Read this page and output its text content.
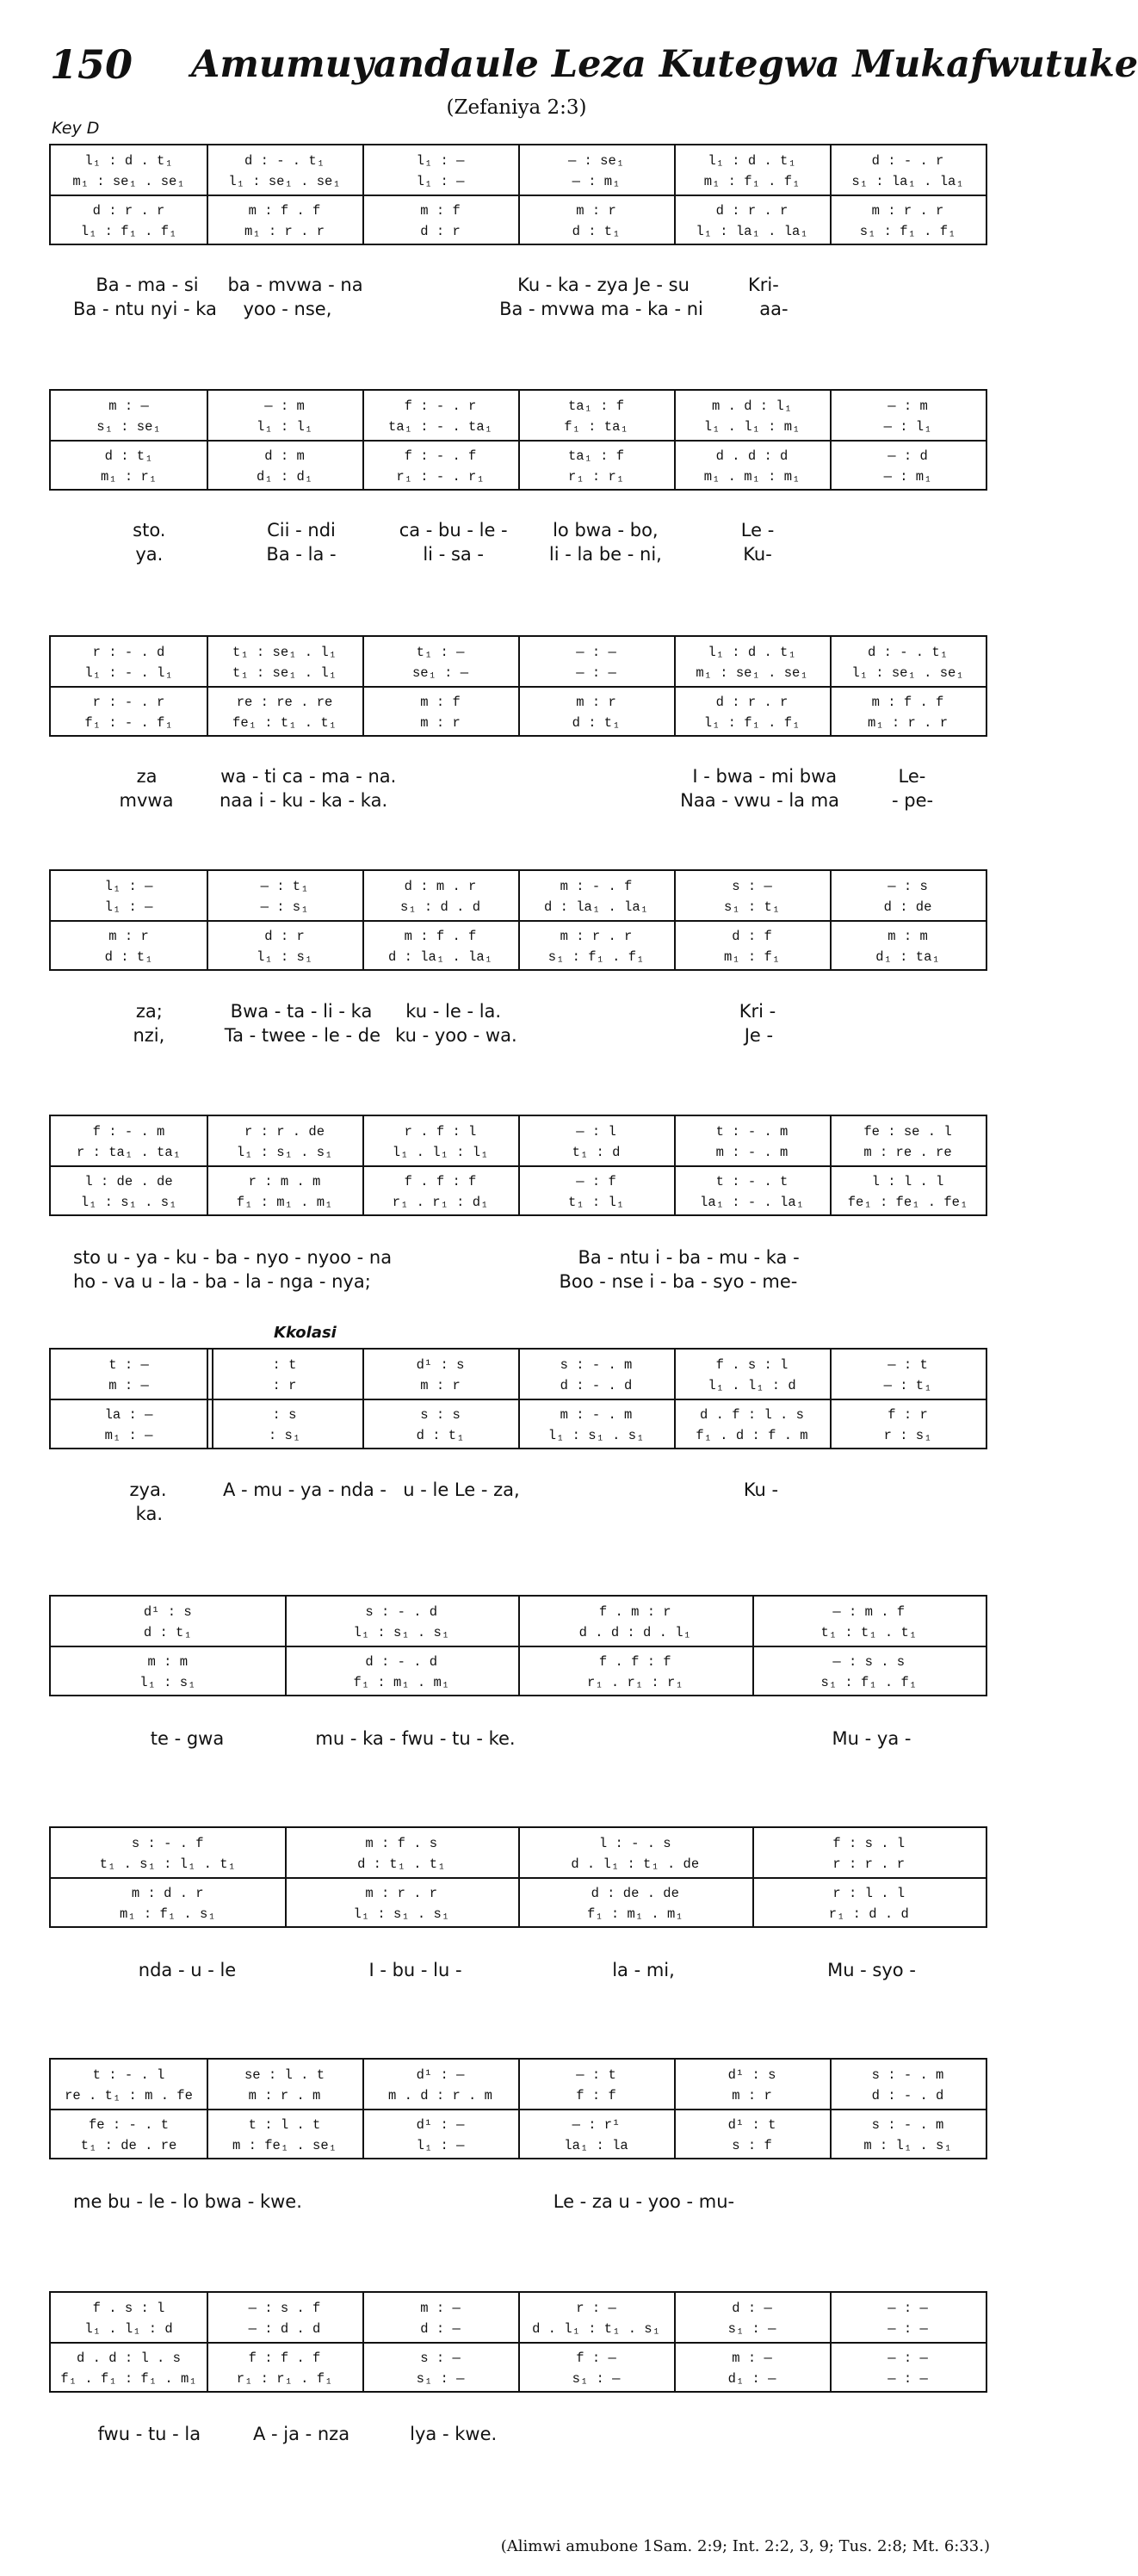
150 Amumuyandaule Leza Kutegwa Mukafwutuke
(Zefaniya 2:3)
Key D
Kkolasi
(Alimwi amubone 1Sam. 2:9; Int. 2:2, 3, 9; Tus. 2:8; Mt. 6:33.)
l₁ : d . t₁	d : - . t₁	l₁ : —	— : se₁	l₁ : d . t₁	d : - . r
m₁ : se₁ . se₁	l₁ : se₁ . se₁	l₁ : —	— : m₁	m₁ : f₁ . f₁	s₁ : la₁ . la₁
d : r . r	m : f . f	m : f	m : r	d : r . r	m : r . r
l₁ : f₁ . f₁	m₁ : r . r	d : r	d : t₁	l₁ : la₁ . la₁	s₁ : f₁ . f₁
Ba - ma - si	ba - mvwa - na	Ku - ka - zya Je - su	Kri-
Ba - ntu nyi - ka	yoo - nse,	Ba - mvwa ma - ka - ni	aa-
m : —	— : m	f : - . r	ta₁ : f	m . d : l₁	— : m
s₁ : se₁	l₁ : l₁	ta₁ : - . ta₁	f₁ : ta₁	l₁ . l₁ : m₁	— : l₁
d : t₁	d : m	f : - . f	ta₁ : f	d . d : d	— : d
m₁ : r₁	d₁ : d₁	r₁ : - . r₁	r₁ : r₁	m₁ . m₁ : m₁	— : m₁
sto.	Cii - ndi	ca - bu - le -	lo bwa - bo,	Le -
ya.	Ba - la -	li - sa -	li - la be - ni,	Ku-
r : - . d	t₁ : se₁ . l₁	t₁ : —	— : —	l₁ : d . t₁	d : - . t₁
l₁ : - . l₁	t₁ : se₁ . l₁	se₁ : —	— : —	m₁ : se₁ . se₁	l₁ : se₁ . se₁
r : - . r	re : re . re	m : f	m : r	d : r . r	m : f . f
f₁ : - . f₁	fe₁ : t₁ . t₁	m : r	d : t₁	l₁ : f₁ . f₁	m₁ : r . r
za	wa - ti ca - ma - na.	I - bwa - mi bwa	Le-
mvwa	naa i - ku - ka - ka.	Naa - vwu - la ma	- pe-
l₁ : —	— : t₁	d : m . r	m : - . f	s : —	— : s
l₁ : —	— : s₁	s₁ : d . d	d : la₁ . la₁	s₁ : t₁	d : de
m : r	d : r	m : f . f	m : r . r	d : f	m : m
d : t₁	l₁ : s₁	d : la₁ . la₁	s₁ : f₁ . f₁	m₁ : f₁	d₁ : ta₁
za;	Bwa - ta - li - ka	ku - le - la.	Kri -
nzi,	Ta - twee - le - de ku - yoo - wa.	Je -
f : - . m	r : r . de	r . f : l	— : l	t : - . m	fe : se . l
r : ta₁ . ta₁	l₁ : s₁ . s₁	l₁ . l₁ : l₁	t₁ : d	m : - . m	m : re . re
l : de . de	r : m . m	f . f : f	— : f	t : - . t	l : l . l
l₁ : s₁ . s₁	f₁ : m₁ . m₁	r₁ . r₁ : d₁	t₁ : l₁	la₁ : - . la₁	fe₁ : fe₁ . fe₁
sto u - ya - ku - ba - nyo - nyoo - na	Ba - ntu i - ba - mu - ka -
ho - va u - la - ba - la - nga - nya;	Boo - nse i - ba - syo - me-
t : —	: t	d¹ : s	s : - . m	f . s : l	— : t
m : —	: r	m : r	d : - . d	l₁ . l₁ : d	— : t₁
la : —	: s	s : s	m : - . m	d . f : l . s	f : r
m₁ : —	: s₁	d : t₁	l₁ : s₁ . s₁	f₁ . d : f . m	r : s₁
zya.	A - mu - ya - nda - u - le Le - za,	Ku -
ka.
d¹ : s	s : - . d	f . m : r	— : m . f
d : t₁	l₁ : s₁ . s₁	d . d : d . l₁	t₁ : t₁ . t₁
m : m	d : - . d	f . f : f	— : s . s
l₁ : s₁	f₁ : m₁ . m₁	r₁ . r₁ : r₁	s₁ : f₁ . f₁
te - gwa	mu - ka - fwu - tu - ke.	Mu - ya -
s : - . f	m : f . s	l : - . s	f : s . l
t₁ . s₁ : l₁ . t₁	d : t₁ . t₁	d . l₁ : t₁ . de	r : r . r
m : d . r	m : r . r	d : de . de	r : l . l
m₁ : f₁ . s₁	l₁ : s₁ . s₁	f₁ : m₁ . m₁	r₁ : d . d
nda - u - le	I - bu - lu -	la - mi,	Mu - syo -
t : - . l	se : l . t	d¹ : —	— : t	d¹ : s	s : - . m
re . t₁ : m . fe	m : r . m	m . d : r . m	f : f	m : r	d : - . d
fe : - . t	t : l . t	d¹ : —	— : r¹	d¹ : t	s : - . m
t₁ : de . re	m : fe₁ . se₁	l₁ : —	la₁ : la	s : f	m : l₁ . s₁
me bu - le - lo bwa - kwe.	Le - za u - yoo - mu-
f . s : l	— : s . f	m : —	r : —	d : —	— : —
l₁ . l₁ : d	— : d . d	d : —	d . l₁ : t₁ . s₁	s₁ : —	— : —
d . d : l . s	f : f . f	s : —	f : —	m : —	— : —
f₁ . f₁ : f₁ . m₁	r₁ : r₁ . f₁	s₁ : —	s₁ : —	d₁ : —	— : —
fwu - tu - la	A - ja - nza	lya - kwe.
